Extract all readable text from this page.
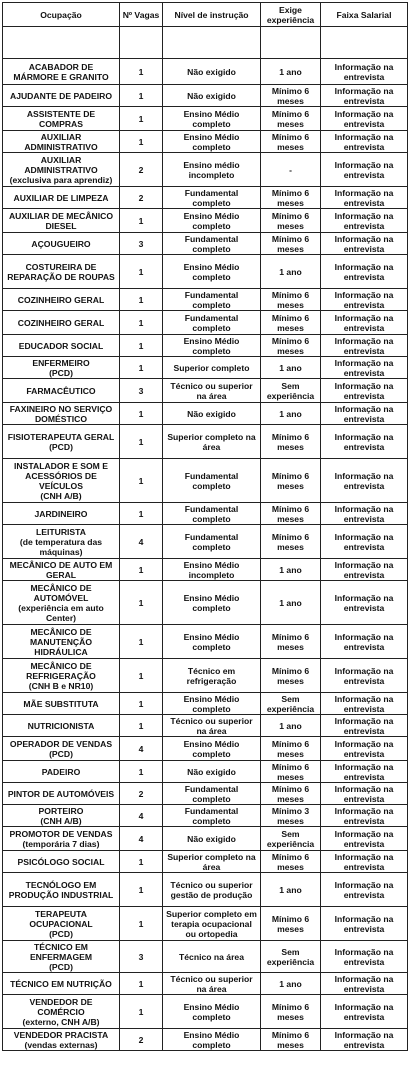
Ocupação	Nº Vagas	Nível de instrução	Exige experiência	Faixa Salarial

ACABADOR DE MÁRMORE E GRANITO	1	Não exigido	1 ano	Informação na entrevista

AJUDANTE DE PADEIRO	1	Não exigido	Mínimo 6 meses	Informação na entrevista

ASSISTENTE DE COMPRAS	1	Ensino Médio completo	Mínimo 6 meses	Informação na entrevista

AUXILIAR ADMINISTRATIVO	1	Ensino Médio completo	Mínimo 6 meses	Informação na entrevista

AUXILIAR ADMINISTRATIVO
(exclusiva para aprendiz)	2	Ensino médio incompleto	-	Informação na entrevista

AUXILIAR DE LIMPEZA	2	Fundamental completo	Mínimo 6 meses	Informação na entrevista

AUXILIAR DE MECÂNICO DIESEL	1	Ensino Médio completo	Mínimo 6 meses	Informação na entrevista

AÇOUGUEIRO	3	Fundamental completo	Mínimo 6 meses	Informação na entrevista

COSTUREIRA DE REPARAÇÃO DE ROUPAS	1	Ensino Médio completo	1 ano	Informação na entrevista

COZINHEIRO GERAL	1	Fundamental completo	Mínimo 6 meses	Informação na entrevista

COZINHEIRO GERAL	1	Fundamental completo	Mínimo 6 meses	Informação na entrevista

EDUCADOR SOCIAL	1	Ensino Médio completo	Mínimo 6 meses	Informação na entrevista

ENFERMEIRO
(PCD)	1	Superior completo	1 ano	Informação na entrevista

FARMACÊUTICO	3	Técnico ou superior na área	Sem experiência	Informação na entrevista

FAXINEIRO NO SERVIÇO DOMÉSTICO	1	Não exigido	1 ano	Informação na entrevista

FISIOTERAPEUTA GERAL
(PCD)	1	Superior completo na área	Mínimo 6 meses	Informação na entrevista

INSTALADOR E SOM E ACESSÓRIOS DE VEÍCULOS
(CNH A/B)	1	Fundamental completo	Mínimo 6 meses	Informação na entrevista

JARDINEIRO	1	Fundamental completo	Mínimo 6 meses	Informação na entrevista

LEITURISTA
(de temperatura das máquinas)	4	Fundamental completo	Mínimo 6 meses	Informação na entrevista

MECÂNICO DE AUTO EM GERAL	1	Ensino Médio incompleto	1 ano	Informação na entrevista

MECÂNICO DE AUTOMÓVEL
(experiência em auto Center)	1	Ensino Médio completo	1 ano	Informação na entrevista

MECÂNICO DE MANUTENÇÃO HIDRÁULICA	1	Ensino Médio completo	Mínimo 6 meses	Informação na entrevista

MECÂNICO DE REFRIGERAÇÃO
(CNH B e NR10)	1	Técnico em refrigeração	Mínimo 6 meses	Informação na entrevista

MÃE SUBSTITUTA	1	Ensino Médio completo	Sem experiência	Informação na entrevista

NUTRICIONISTA	1	Técnico ou superior na área	1 ano	Informação na entrevista

OPERADOR DE VENDAS
(PCD)	4	Ensino Médio completo	Mínimo 6 meses	Informação na entrevista

PADEIRO	1	Não exigido	Mínimo 6 meses	Informação na entrevista

PINTOR DE AUTOMÓVEIS	2	Fundamental completo	Mínimo 6 meses	Informação na entrevista

PORTEIRO
(CNH A/B)	4	Fundamental completo	Mínimo 3 meses	Informação na entrevista

PROMOTOR DE VENDAS
(temporária 7 dias)	4	Não exigido	Sem experiência	Informação na entrevista

PSICÓLOGO SOCIAL	1	Superior completo na área	Mínimo 6 meses	Informação na entrevista

TECNÓLOGO EM PRODUÇÃO INDUSTRIAL	1	Técnico ou superior gestão de produção	1 ano	Informação na entrevista

TERAPEUTA OCUPACIONAL
(PCD)	1	Superior completo em terapia ocupacional ou ortopedia	Mínimo 6 meses	Informação na entrevista

TÉCNICO EM ENFERMAGEM
(PCD)	3	Técnico na área	Sem experiência	Informação na entrevista

TÉCNICO EM NUTRIÇÃO	1	Técnico ou superior na área	1 ano	Informação na entrevista

VENDEDOR DE COMÉRCIO
(externo, CNH A/B)	1	Ensino Médio completo	Mínimo 6 meses	Informação na entrevista

VENDEDOR PRACISTA
(vendas externas)	2	Ensino Médio completo	Mínimo 6 meses	Informação na entrevista
